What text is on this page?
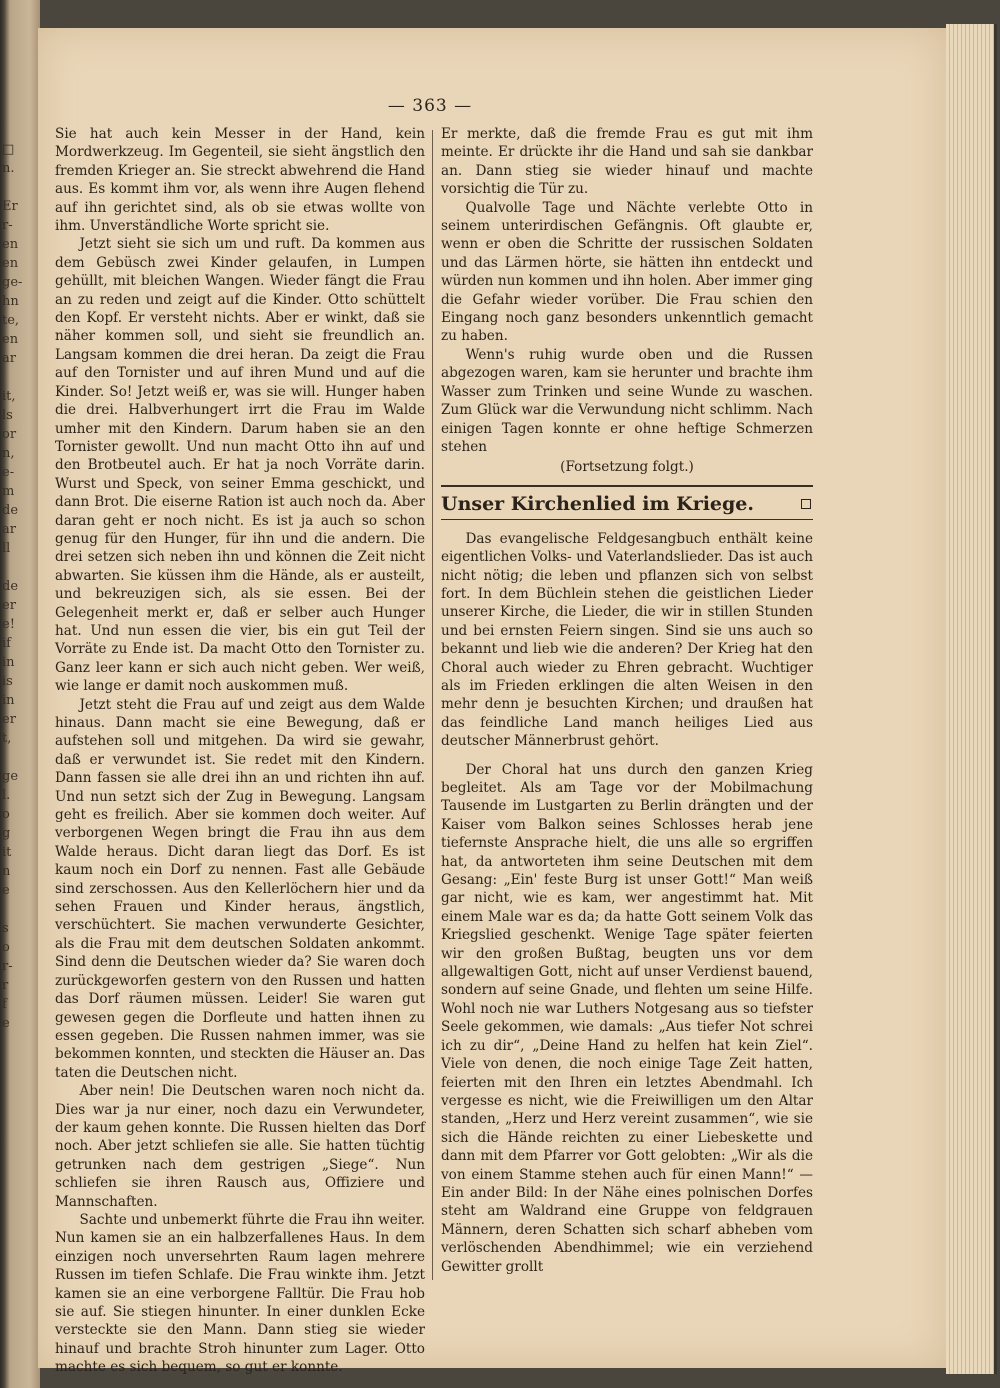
□
n.

Er
r-
en
en
ge-
hn
te,
en
ar

it,
ls
or
n,
e-
m
de
ar
ll

de
er
e!
if
in
is
in
er
t,

ge
l.
o
g
it
n
e

s
o
r-
r
f
e
— 363 —

Sie hat auch kein Messer in der Hand, kein Mordwerkzeug. Im Gegenteil, sie sieht ängstlich den fremden Krieger an. Sie streckt abwehrend die Hand aus. Es kommt ihm vor, als wenn ihre Augen flehend auf ihn gerichtet sind, als ob sie etwas wollte von ihm. Unverständliche Worte spricht sie.

Jetzt sieht sie sich um und ruft. Da kommen aus dem Gebüsch zwei Kinder gelaufen, in Lumpen gehüllt, mit bleichen Wangen. Wieder fängt die Frau an zu reden und zeigt auf die Kinder. Otto schüttelt den Kopf. Er versteht nichts. Aber er winkt, daß sie näher kommen soll, und sieht sie freundlich an. Langsam kommen die drei heran. Da zeigt die Frau auf den Tornister und auf ihren Mund und auf die Kinder. So! Jetzt weiß er, was sie will. Hunger haben die drei. Halbverhungert irrt die Frau im Walde umher mit den Kindern. Darum haben sie an den Tornister gewollt. Und nun macht Otto ihn auf und den Brotbeutel auch. Er hat ja noch Vorräte darin. Wurst und Speck, von seiner Emma geschickt, und dann Brot. Die eiserne Ration ist auch noch da. Aber daran geht er noch nicht. Es ist ja auch so schon genug für den Hunger, für ihn und die andern. Die drei setzen sich neben ihn und können die Zeit nicht abwarten. Sie küssen ihm die Hände, als er austeilt, und bekreuzigen sich, als sie essen. Bei der Gelegenheit merkt er, daß er selber auch Hunger hat. Und nun essen die vier, bis ein gut Teil der Vorräte zu Ende ist. Da macht Otto den Tornister zu. Ganz leer kann er sich auch nicht geben. Wer weiß, wie lange er damit noch auskommen muß.

Jetzt steht die Frau auf und zeigt aus dem Walde hinaus. Dann macht sie eine Bewegung, daß er aufstehen soll und mitgehen. Da wird sie gewahr, daß er verwundet ist. Sie redet mit den Kindern. Dann fassen sie alle drei ihn an und richten ihn auf. Und nun setzt sich der Zug in Bewegung. Langsam geht es freilich. Aber sie kommen doch weiter. Auf verborgenen Wegen bringt die Frau ihn aus dem Walde heraus. Dicht daran liegt das Dorf. Es ist kaum noch ein Dorf zu nennen. Fast alle Gebäude sind zerschossen. Aus den Kellerlöchern hier und da sehen Frauen und Kinder heraus, ängstlich, verschüchtert. Sie machen verwunderte Gesichter, als die Frau mit dem deutschen Soldaten ankommt. Sind denn die Deutschen wieder da? Sie waren doch zurückgeworfen gestern von den Russen und hatten das Dorf räumen müssen. Leider! Sie waren gut gewesen gegen die Dorfleute und hatten ihnen zu essen gegeben. Die Russen nahmen immer, was sie bekommen konnten, und steckten die Häuser an. Das taten die Deutschen nicht.

Aber nein! Die Deutschen waren noch nicht da. Dies war ja nur einer, noch dazu ein Verwundeter, der kaum gehen konnte. Die Russen hielten das Dorf noch. Aber jetzt schliefen sie alle. Sie hatten tüchtig getrunken nach dem gestrigen „Siege“. Nun schliefen sie ihren Rausch aus, Offiziere und Mannschaften.

Sachte und unbemerkt führte die Frau ihn weiter. Nun kamen sie an ein halbzerfallenes Haus. In dem einzigen noch unversehrten Raum lagen mehrere Russen im tiefen Schlafe. Die Frau winkte ihm. Jetzt kamen sie an eine verborgene Falltür. Die Frau hob sie auf. Sie stiegen hinunter. In einer dunklen Ecke versteckte sie den Mann. Dann stieg sie wieder hinauf und brachte Stroh hinunter zum Lager. Otto machte es sich bequem, so gut er konnte.

Er merkte, daß die fremde Frau es gut mit ihm meinte. Er drückte ihr die Hand und sah sie dankbar an. Dann stieg sie wieder hinauf und machte vorsichtig die Tür zu.

Qualvolle Tage und Nächte verlebte Otto in seinem unterirdischen Gefängnis. Oft glaubte er, wenn er oben die Schritte der russischen Soldaten und das Lärmen hörte, sie hätten ihn entdeckt und würden nun kommen und ihn holen. Aber immer ging die Gefahr wieder vorüber. Die Frau schien den Eingang noch ganz besonders unkenntlich gemacht zu haben.

Wenn's ruhig wurde oben und die Russen abgezogen waren, kam sie herunter und brachte ihm Wasser zum Trinken und seine Wunde zu waschen. Zum Glück war die Verwundung nicht schlimm. Nach einigen Tagen konnte er ohne heftige Schmerzen stehen

(Fortsetzung folgt.)

Unser Kirchenlied im Kriege.

Das evangelische Feldgesangbuch enthält keine eigentlichen Volks- und Vaterlandslieder. Das ist auch nicht nötig; die leben und pflanzen sich von selbst fort. In dem Büchlein stehen die geistlichen Lieder unserer Kirche, die Lieder, die wir in stillen Stunden und bei ernsten Feiern singen. Sind sie uns auch so bekannt und lieb wie die anderen? Der Krieg hat den Choral auch wieder zu Ehren gebracht. Wuchtiger als im Frieden erklingen die alten Weisen in den mehr denn je besuchten Kirchen; und draußen hat das feindliche Land manch heiliges Lied aus deutscher Männerbrust gehört.

Der Choral hat uns durch den ganzen Krieg begleitet. Als am Tage vor der Mobilmachung Tausende im Lustgarten zu Berlin drängten und der Kaiser vom Balkon seines Schlosses herab jene tiefernste Ansprache hielt, die uns alle so ergriffen hat, da antworteten ihm seine Deutschen mit dem Gesang: „Ein' feste Burg ist unser Gott!“ Man weiß gar nicht, wie es kam, wer angestimmt hat. Mit einem Male war es da; da hatte Gott seinem Volk das Kriegslied geschenkt. Wenige Tage später feierten wir den großen Bußtag, beugten uns vor dem allgewaltigen Gott, nicht auf unser Verdienst bauend, sondern auf seine Gnade, und flehten um seine Hilfe. Wohl noch nie war Luthers Notgesang aus so tiefster Seele gekommen, wie damals: „Aus tiefer Not schrei ich zu dir“, „Deine Hand zu helfen hat kein Ziel“. Viele von denen, die noch einige Tage Zeit hatten, feierten mit den Ihren ein letztes Abendmahl. Ich vergesse es nicht, wie die Freiwilligen um den Altar standen, „Herz und Herz vereint zusammen“, wie sie sich die Hände reichten zu einer Liebeskette und dann mit dem Pfarrer vor Gott gelobten: „Wir als die von einem Stamme stehen auch für einen Mann!“ — Ein ander Bild: In der Nähe eines polnischen Dorfes steht am Waldrand eine Gruppe von feldgrauen Männern, deren Schatten sich scharf abheben vom verlöschenden Abendhimmel; wie ein verziehend Gewitter grollt
